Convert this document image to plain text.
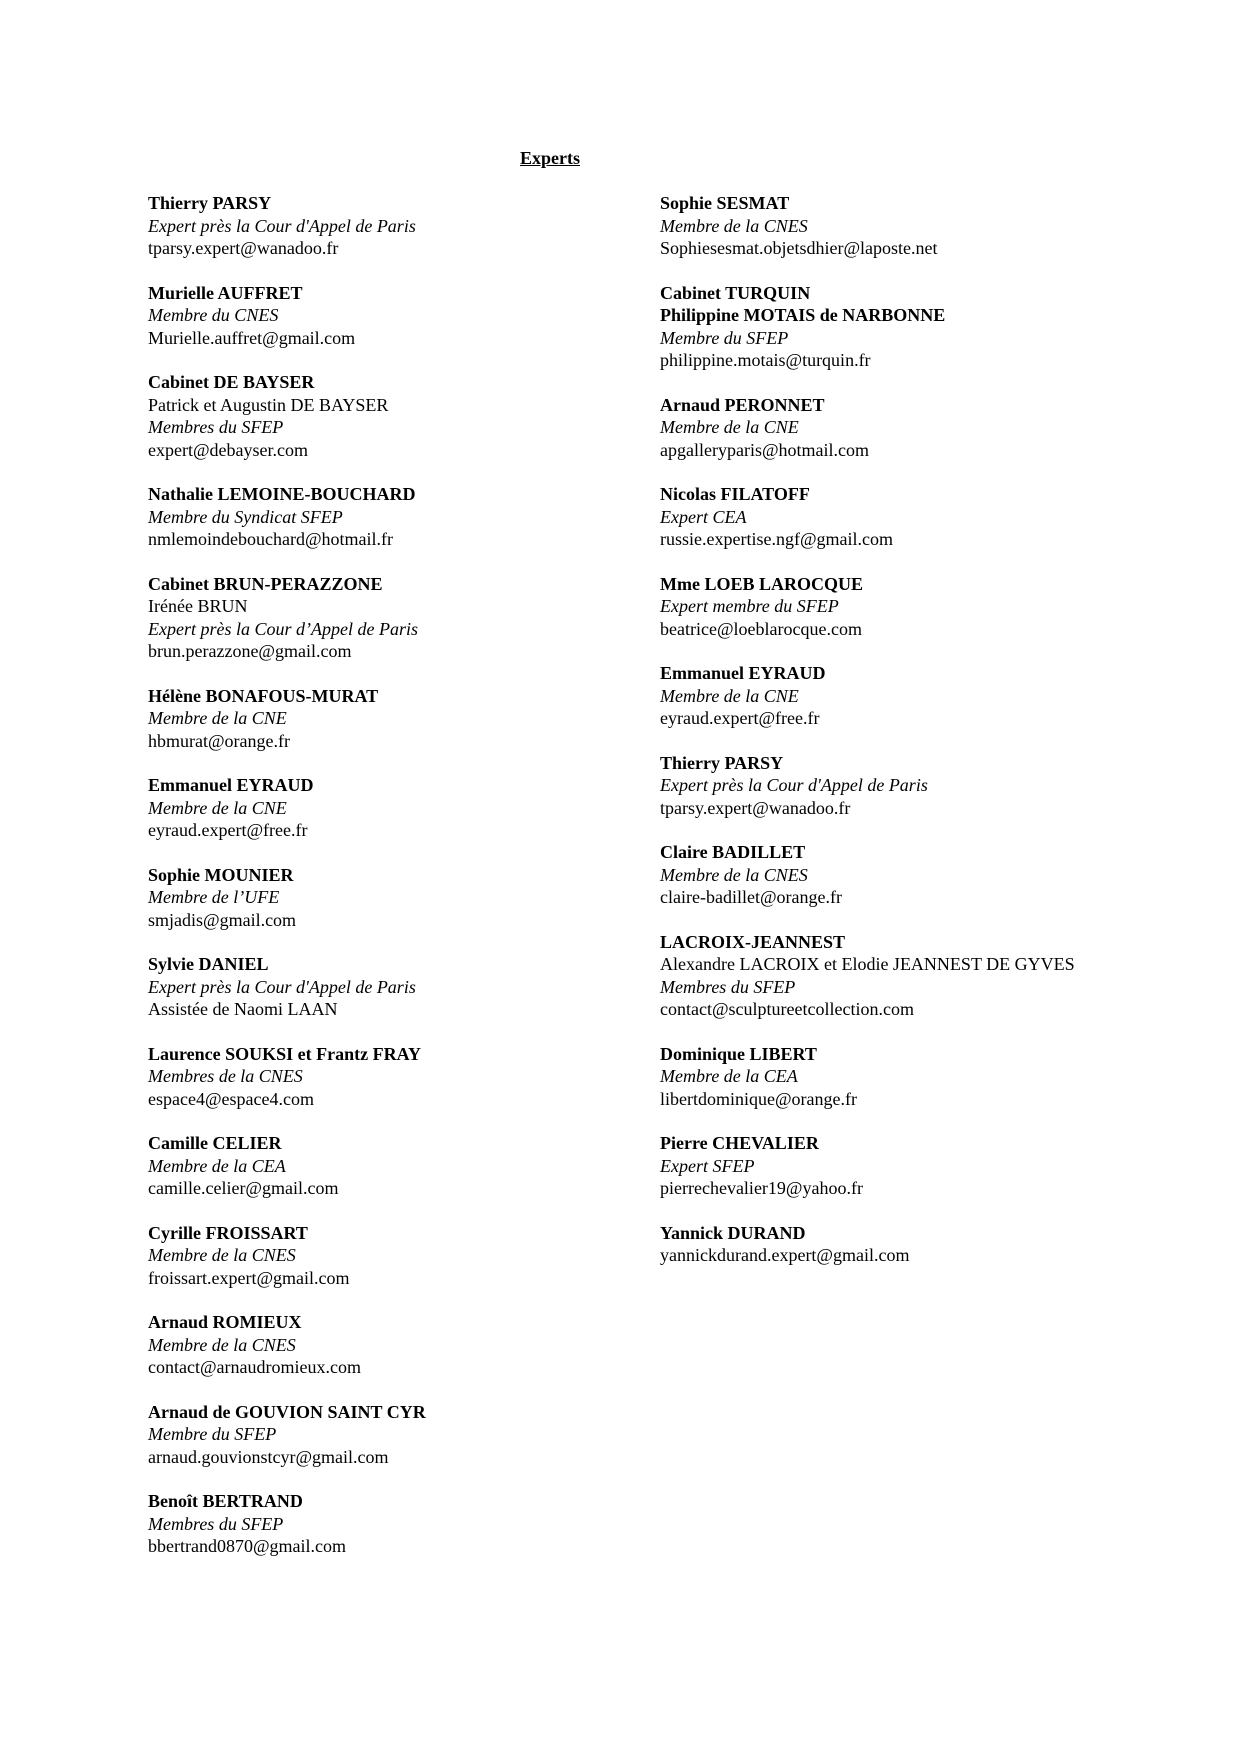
Experts
Thierry PARSY
Expert près la Cour d'Appel de Paris
tparsy.expert@wanadoo.fr
Murielle AUFFRET
Membre du CNES
Murielle.auffret@gmail.com
Cabinet DE BAYSER
Patrick et Augustin DE BAYSER
Membres du SFEP
expert@debayser.com
Nathalie LEMOINE-BOUCHARD
Membre du Syndicat SFEP
nmlemoindebouchard@hotmail.fr
Cabinet BRUN-PERAZZONE
Irénée BRUN
Expert près la Cour d’Appel de Paris
brun.perazzone@gmail.com
Hélène BONAFOUS-MURAT
Membre de la CNE
hbmurat@orange.fr
Emmanuel EYRAUD
Membre de la CNE
eyraud.expert@free.fr
Sophie MOUNIER
Membre de l’UFE
smjadis@gmail.com
Sylvie DANIEL
Expert près la Cour d'Appel de Paris
Assistée de Naomi LAAN
Laurence SOUKSI et Frantz FRAY
Membres de la CNES
espace4@espace4.com
Camille CELIER
Membre de la CEA
camille.celier@gmail.com
Cyrille FROISSART
Membre de la CNES
froissart.expert@gmail.com
Arnaud ROMIEUX
Membre de la CNES
contact@arnaudromieux.com
Arnaud de GOUVION SAINT CYR
Membre du SFEP
arnaud.gouvionstcyr@gmail.com
Benoît BERTRAND
Membres du SFEP
bbertrand0870@gmail.com
Sophie SESMAT
Membre de la CNES
Sophiesesmat.objetsdhier@laposte.net
Cabinet TURQUIN
Philippine MOTAIS de NARBONNE
Membre du SFEP
philippine.motais@turquin.fr
Arnaud PERONNET
Membre de la CNE
apgalleryparis@hotmail.com
Nicolas FILATOFF
Expert CEA
russie.expertise.ngf@gmail.com
Mme LOEB LAROCQUE
Expert membre du SFEP
beatrice@loeblarocque.com
Emmanuel EYRAUD
Membre de la CNE
eyraud.expert@free.fr
Thierry PARSY
Expert près la Cour d'Appel de Paris
tparsy.expert@wanadoo.fr
Claire BADILLET
Membre de la CNES
claire-badillet@orange.fr
LACROIX-JEANNEST
Alexandre LACROIX et Elodie JEANNEST DE GYVES
Membres du SFEP
contact@sculptureetcollection.com
Dominique LIBERT
Membre de la CEA
libertdominique@orange.fr
Pierre CHEVALIER
Expert SFEP
pierrechevalier19@yahoo.fr
Yannick DURAND
yannickdurand.expert@gmail.com
